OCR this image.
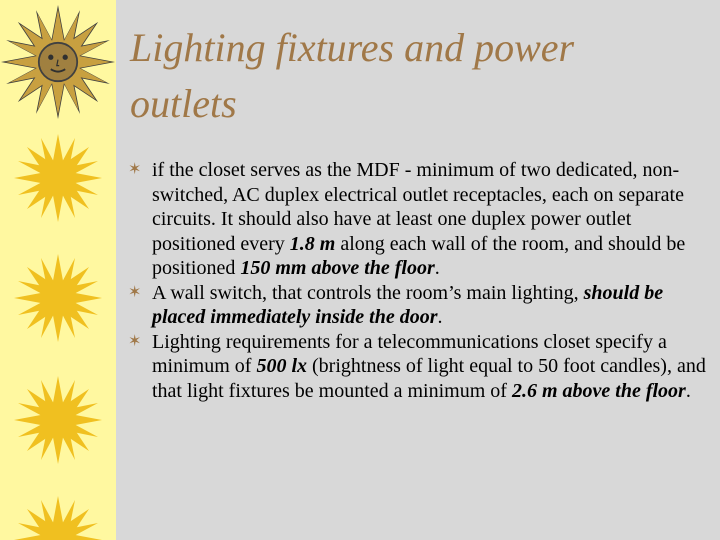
Lighting fixtures and power outlets
✶ if the closet serves as the MDF - minimum of two dedicated, non-switched, AC duplex electrical outlet receptacles, each on separate circuits. It should also have at least one duplex power outlet positioned every 1.8 m along each wall of the room, and should be positioned 150 mm above the floor.
✶ A wall switch, that controls the room’s main lighting, should be placed immediately inside the door.
✶ Lighting requirements for a telecommunications closet specify a minimum of 500 lx (brightness of light equal to 50 foot candles), and that light fixtures be mounted a minimum of 2.6 m above the floor.
